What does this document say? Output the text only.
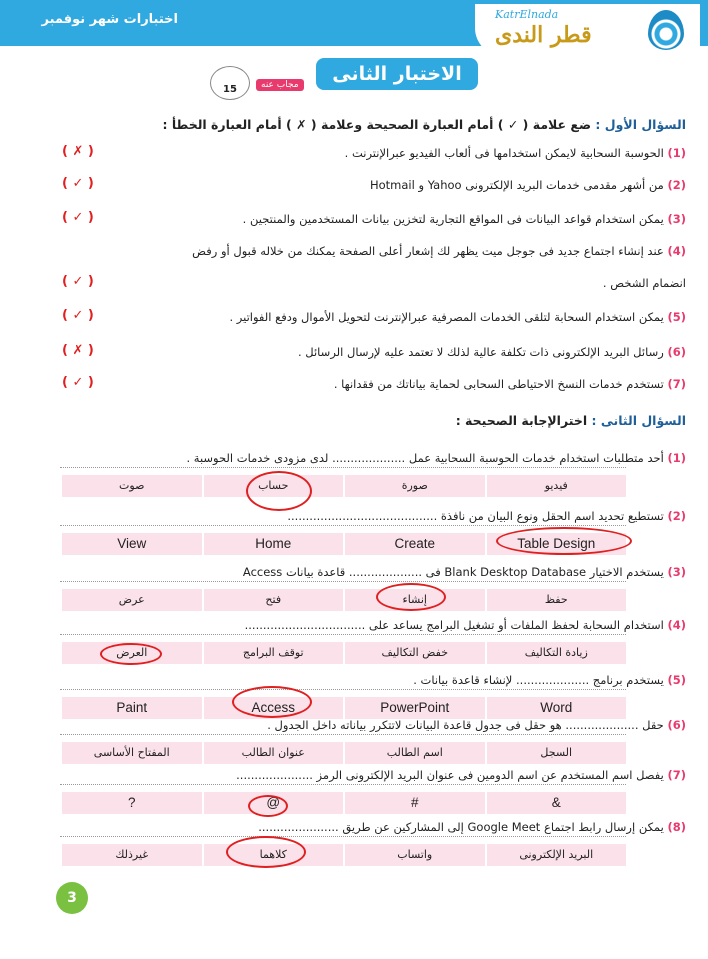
اختبارات شهر نوفمبر	KatrElnada
قطر الندى
الاختبار الثانى
مجاب عنه
15
السؤال الأول : ضع علامة ( ✓ ) أمام العبارة الصحيحة وعلامة ( ✗ ) أمام العبارة الخطأ :
(1) الحوسبة السحابية لايمكن استخدامها فى ألعاب الفيديو عبرالإنترنت .
( ✗ )
(2) من أشهر مقدمى خدمات البريد الإلكترونى Yahoo و Hotmail
( ✓ )
(3) يمكن استخدام قواعد البيانات فى المواقع التجارية لتخزين بيانات المستخدمين والمنتجين .
( ✓ )
(4) عند إنشاء اجتماع جديد فى جوجل ميت يظهر لك إشعار أعلى الصفحة يمكنك من خلاله قبول أو رفض
انضمام الشخص .
( ✓ )
(5) يمكن استخدام السحابة لتلقى الخدمات المصرفية عبرالإنترنت لتحويل الأموال ودفع الفواتير .
( ✓ )
(6) رسائل البريد الإلكترونى ذات تكلفة عالية لذلك لا تعتمد عليه لإرسال الرسائل .
( ✗ )
(7) تستخدم خدمات النسخ الاحتياطى السحابى لحماية بياناتك من فقدانها .
( ✓ )
السؤال الثانى : اخترالإجابة الصحيحة :
(1) أحد متطلبات استخدام خدمات الحوسبة السحابية عمل .................... لدى مزودى خدمات الحوسبة .
فيديو
صورة
حساب
صوت
(2) تستطيع تحديد اسم الحقل ونوع البيان من نافذة .........................................
Table Design
Create
Home
View
(3) يستخدم الاختيار Blank Desktop Database فى .................... قاعدة بيانات Access
حفظ
إنشاء
فتح
عرض
(4) استخدام السحابة لحفظ الملفات أو تشغيل البرامج يساعد على .................................
زيادة التكاليف
خفض التكاليف
توقف البرامج
العرض
(5) يستخدم برنامج .................... لإنشاء قاعدة بيانات .
Word
PowerPoint
Access
Paint
(6) حقل .................... هو حقل فى جدول قاعدة البيانات لاتتكرر بياناته داخل الجدول .
السجل
اسم الطالب
عنوان الطالب
المفتاح الأساسى
(7) يفصل اسم المستخدم عن اسم الدومين فى عنوان البريد الإلكترونى الرمز .....................
&
#
@
?
(8) يمكن إرسال رابط اجتماع Google Meet إلى المشاركين عن طريق ......................
البريد الإلكترونى
واتساب
كلاهما
غيرذلك
3
